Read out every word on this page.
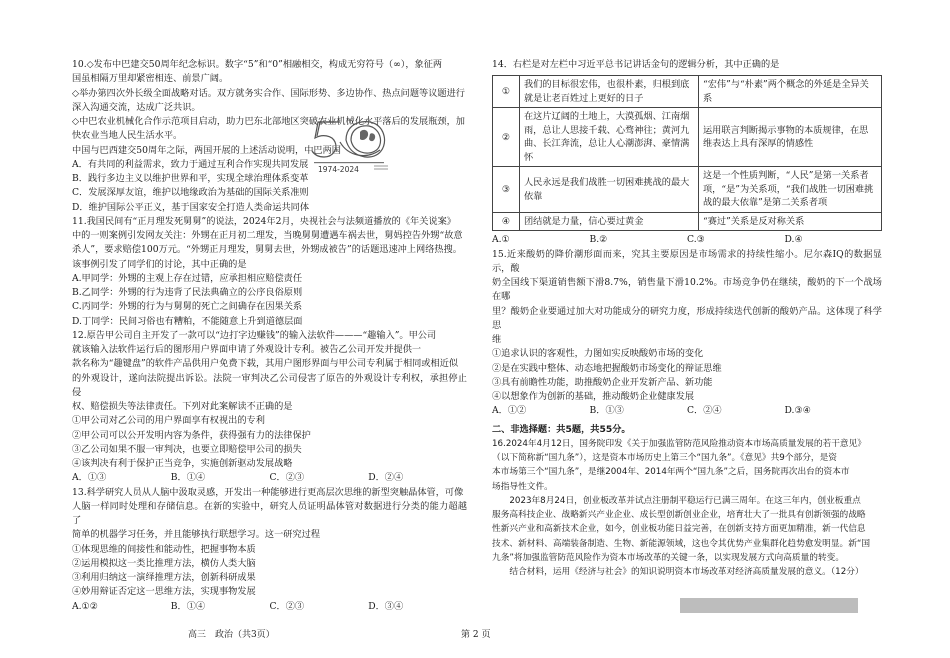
10.◇发布中巴建交50周年纪念标识。数字“5”和“0”相融相交，构成无穷符号（∞），象征两

国虽相隔万里却紧密相连、前景广阔。

◇举办第四次外长级全面战略对话。双方就务实合作、国际形势、多边协作、热点问题等议题进行

深入沟通交流，达成广泛共识。

◇中巴农业机械化合作示范项目启动，助力巴东北部地区突破农业机械化水平落后的发展瓶颈，加

快农业当地人民生活水平。

中国与巴西建交50周年之际，两国开展的上述活动说明，中巴两国

A．有共同的利益需求，致力于通过互利合作实现共同发展

B．践行多边主义以维护世界和平，实现全球治理体系变革

C．发展深厚友谊，维护以地缘政治为基础的国际关系准则

D．维护国际公平正义，基于国家安全打造人类命运共同体

11.我国民间有“正月理发死舅舅”的说法，2024年2月，央视社会与法频道播放的《年关说案》

中的一则案例引发网友关注：外甥在正月初二理发，当晚舅舅遭遇车祸去世，舅妈控告外甥“故意

杀人”，要求赔偿100万元。“外甥正月理发，舅舅去世，外甥成被告”的话题迅速冲上网络热搜。

该事例引发了同学们的讨论，其中正确的是

A.甲同学：外甥的主观上存在过错，应承担相应赔偿责任

B.乙同学：外甥的行为违背了民法典确立的公序良俗原则

C.丙同学：外甥的行为与舅舅的死亡之间确存在因果关系

D.丁同学：民间习俗也有糟粕，不能随意上升到道德层面

12.原告甲公司自主开发了一款可以“边打字边赚钱”的输入法软件———“趣输入”。甲公司

就该输入法软件运行后的图形用户界面申请了外观设计专利。被告乙公司开发并提供一

款名称为“趣键盘”的软件产品供用户免费下载，其用户图形界面与甲公司专利属于相同或相近似

的外观设计，遂向法院提出诉讼。法院一审判决乙公司侵害了原告的外观设计专利权，承担停止侵

权、赔偿损失等法律责任。下列对此案解读不正确的是

①甲公司对乙公司的用户界面享有权视出的专利

②甲公司可以公开发明内容为条件，获得强有力的法律保护

③乙公司如果不服一审判决，也要立即赔偿甲公司的损失

④该判决有利于保护正当竞争，实施创新驱动发展战略

A．①③	B．①④	C．②③	D．②④

13.科学研究人员从人脑中汲取灵感，开发出一种能够进行更高层次思维的新型突触晶体管，可像

人脑一样同时处理和存储信息。在新的实验中，研究人员证明晶体管对数据进行分类的能力超越了

简单的机器学习任务，并且能够执行联想学习。这一研究过程

①体现思维的间接性和能动性，把握事物本质

②运用模拟这一类比推理方法，横仿人类大脑

③利用归纳这一演绎推理方法，创新科研成果

④妙用辩证否定这一思维方法，实现事物发展

A.①②	B．①④	C．②③	D．③④
1974-2024

14．右栏是对左栏中习近平总书记讲话金句的逻辑分析，其中正确的是

①	我们的目标很宏伟，也很朴素，归根到底就是让老百姓过上更好的日子	“宏伟”与“朴素”两个概念的外延是全异关系
②	在这片辽阔的土地上，大漠孤烟、江南烟雨，总让人思接千载、心骛神往；黄河九曲、长江奔流，总让人心潮澎湃、豪情满怀	运用联言判断揭示事物的本质规律，在思维表达上具有深厚的情感性
③	人民永远是我们战胜一切困难挑战的最大依靠	这是一个性质判断，“人民”是第一关系者项，“是”为关系项，“我们战胜一切困难挑战的最大依靠”是第二关系者项
④	团结就是力量，信心要过黄金	“赛过”关系是反对称关系
A.①	B.②	C.③	D.④

15.近来酸奶的降价潮形面而来，究其主要原因是市场需求的持续性缩小。尼尔森IQ的数据显示，酸

奶全国线下渠道销售额下滑8.7%，销售量下滑10.2%。市场竞争仍在继续，酸奶的下一个战场在哪

里？酸奶企业要通过加大对功能成分的研究力度，形成持续迭代创新的酸奶产品。这体现了科学思

维

①追求认识的客观性，力图如实反映酸奶市场的变化

②是在实践中整体、动态地把握酸奶市场变化的辩证思维

③具有前瞻性功能，助推酸奶企业开发新产品、新功能

④以想象作为创新的基础，推动酸奶企业健康发展

A．①②	B．①③	C．②④	D.③④

二、非选择题：共5题，共55分。

16.2024年4月12日，国务院印发《关于加强监管防范风险推动资本市场高质量发展的若干意见》

（以下简称新“国九条”），这是资本市场历史上第三个“国九条”。《意见》共9个部分，是资

本市场第三个“国九条”，是继2004年、2014年两个“国九条”之后，国务院再次出台的资本市

场指导性文件。

2023年8月24日，创业板改革并试点注册制平稳运行已满三周年。在这三年内，创业板重点

服务高科技企业、战略新兴产业企业、成长型创新创业企业，培育壮大了一批具有创新领强的战略

性新兴产业和高新技术企业，如今，创业板功能日益完善，在创新支持方面更加精准，新一代信息

技术、新材料、高端装备制造、生物、新能源领域，这也令其优势产业集群化趋势愈发明显。新“国

九条”将加强监管防范风险作为资本市场改革的关键一条，以实现发展方式向高质量的转变。

结合材料，运用《经济与社会》的知识说明资本市场改革对经济高质量发展的意义。（12分）

高三　政治（共3页）	第 2 页
